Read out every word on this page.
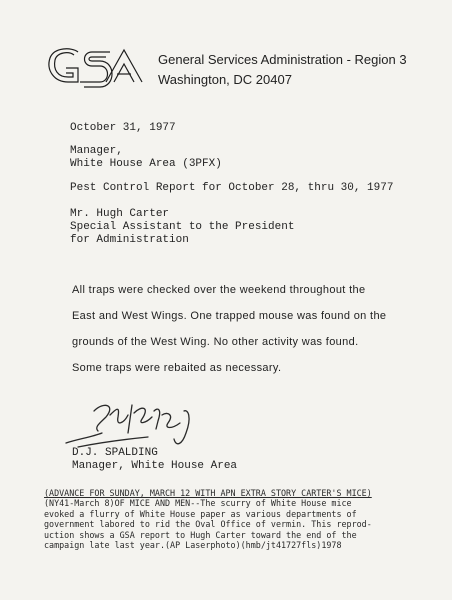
GSA
General Services Administration - Region 3
Washington, DC 20407
October 31, 1977
Manager,
White House Area (3PFX)
Pest Control Report for October 28, thru 30, 1977
Mr. Hugh Carter
Special Assistant to the President
for Administration
All traps were checked over the weekend throughout the
East and West Wings. One trapped mouse was found on the
grounds of the West Wing. No other activity was found.
Some traps were rebaited as necessary.
D.J. SPALDING
Manager, White House Area
(ADVANCE FOR SUNDAY, MARCH 12 WITH APN EXTRA STORY CARTER'S MICE)
(NY41-March 8)OF MICE AND MEN--The scurry of White House mice
evoked a flurry of White House paper as various departments of
government labored to rid the Oval Office of vermin. This reprod-
uction shows a GSA report to Hugh Carter toward the end of the
campaign late last year.(AP Laserphoto)(hmb/jt41727fls)1978
